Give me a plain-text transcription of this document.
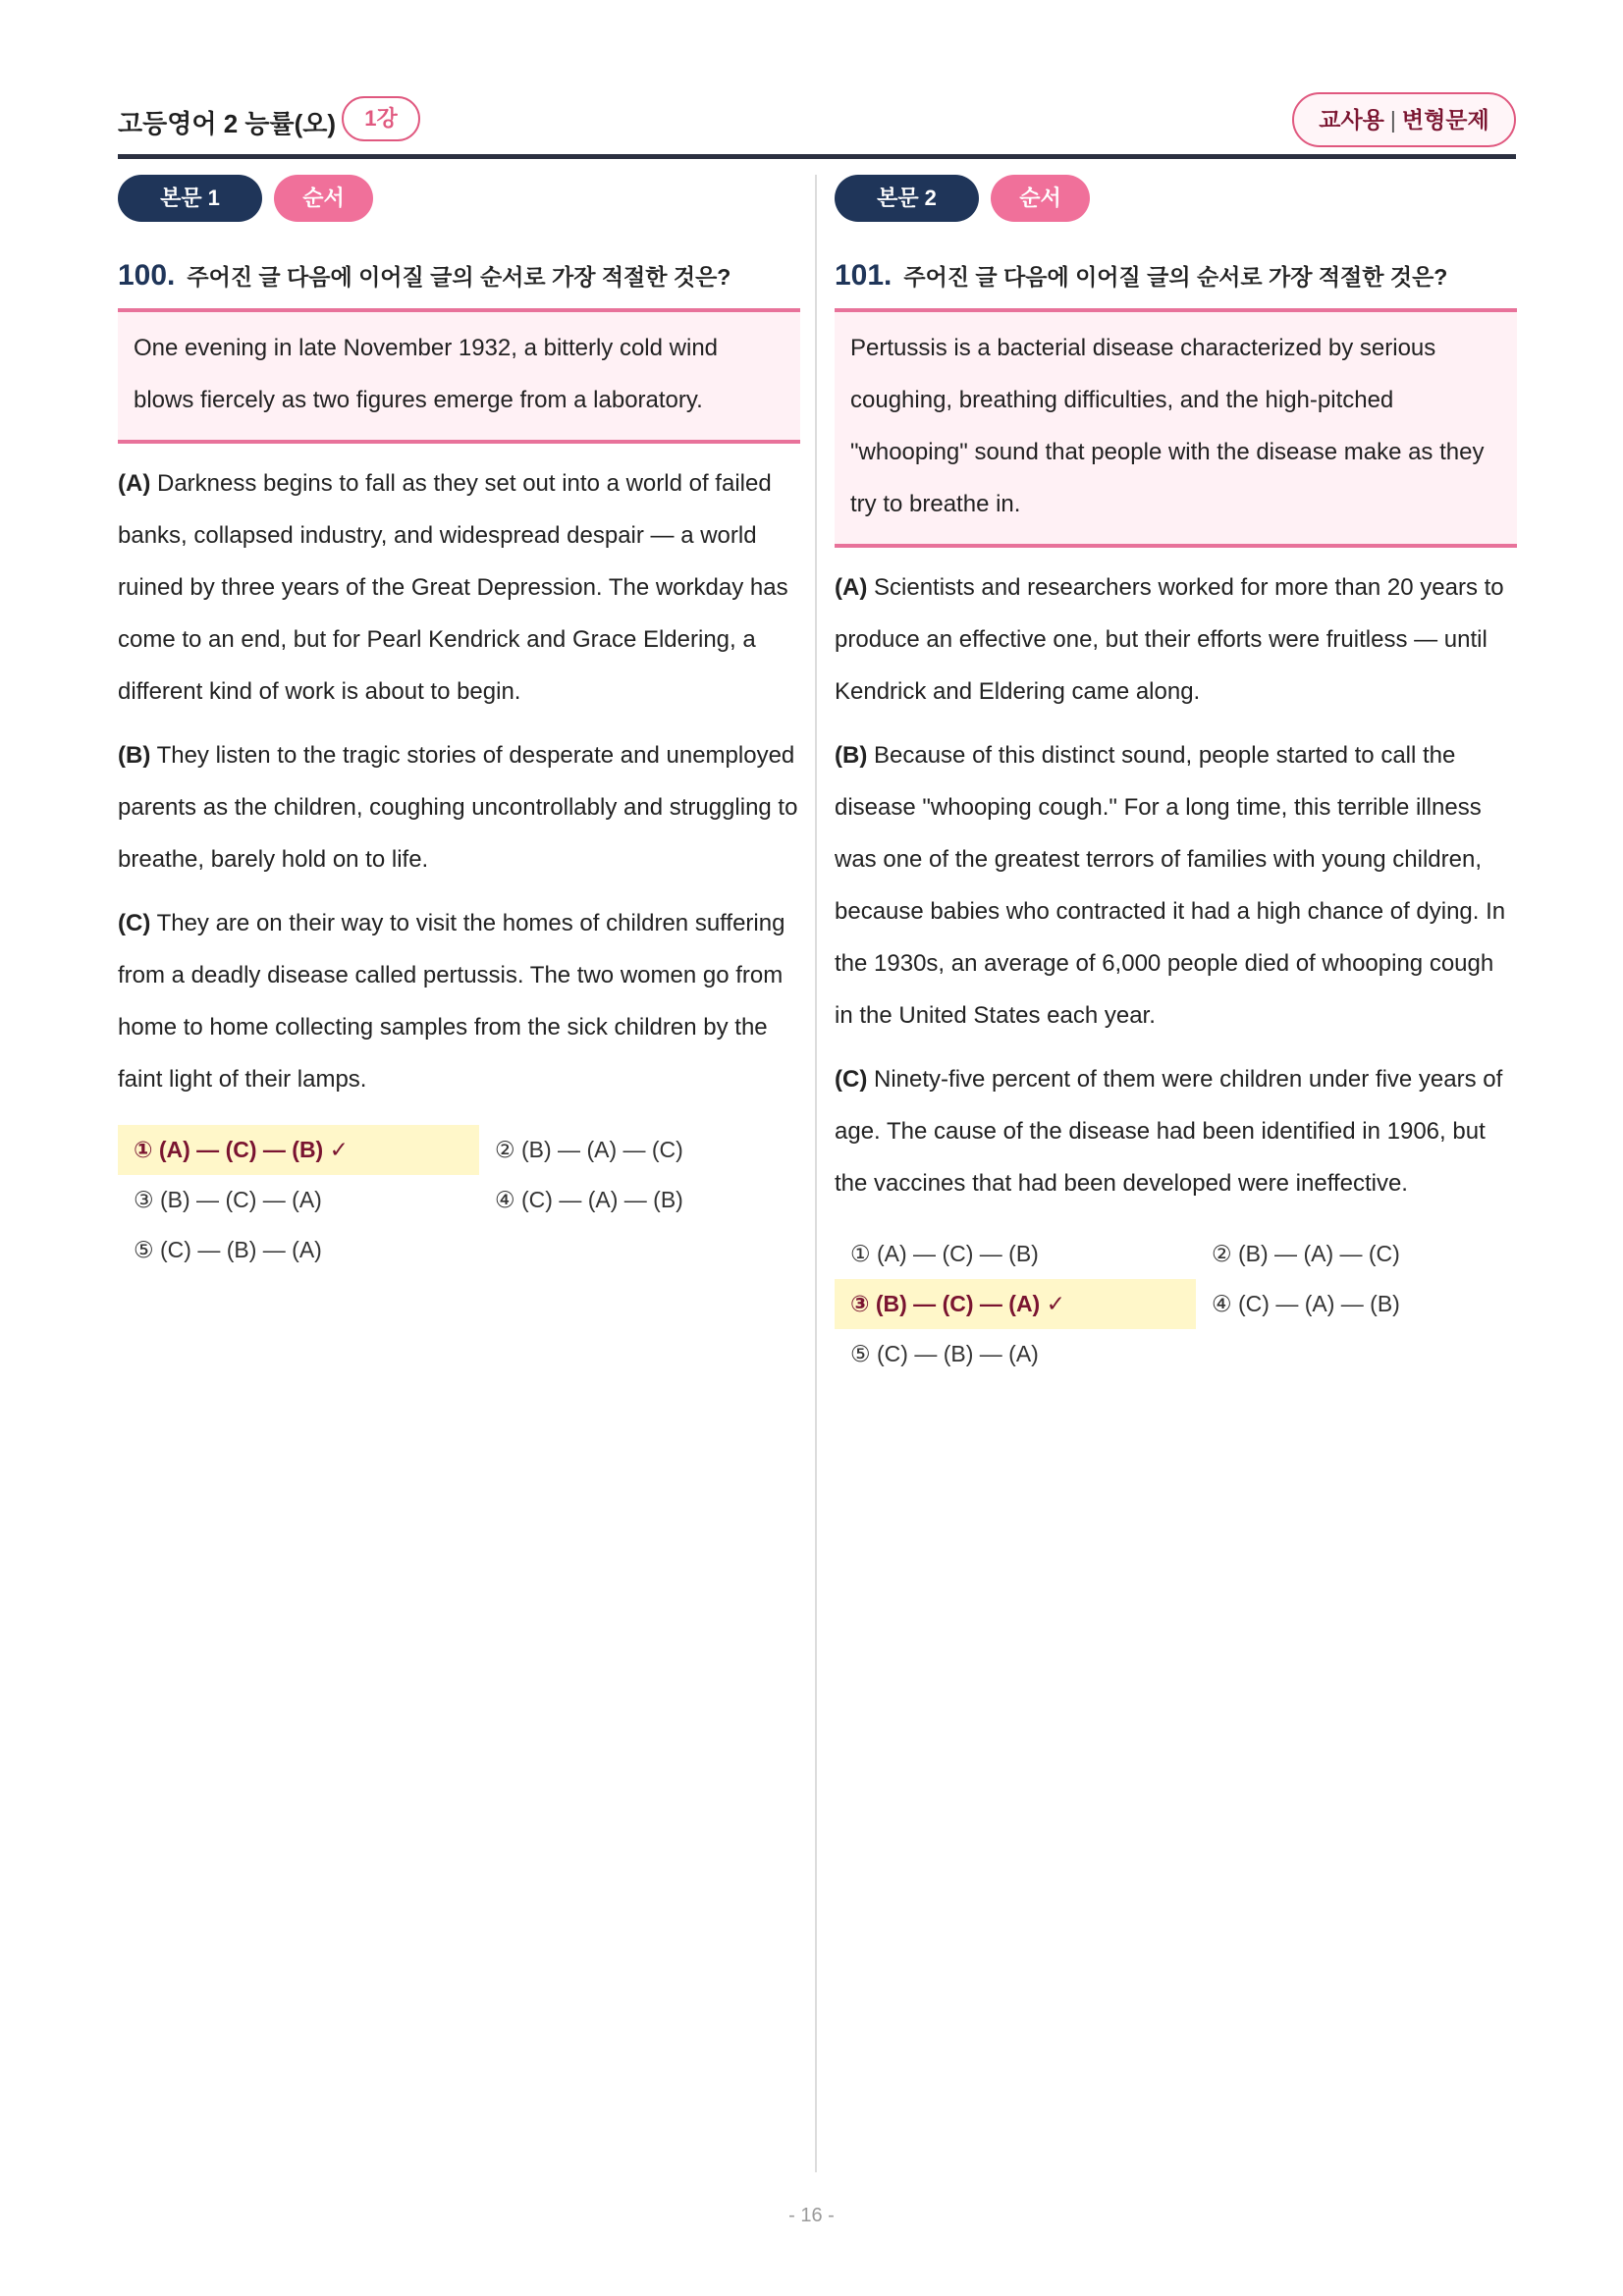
고등영어 2 능률(오)	1강	교사용 | 변형문제
본문 1	순서
100. 주어진 글 다음에 이어질 글의 순서로 가장 적절한 것은?
One evening in late November 1932, a bitterly cold wind blows fiercely as two figures emerge from a laboratory.
(A) Darkness begins to fall as they set out into a world of failed banks, collapsed industry, and widespread despair — a world ruined by three years of the Great Depression. The workday has come to an end, but for Pearl Kendrick and Grace Eldering, a different kind of work is about to begin.
(B) They listen to the tragic stories of desperate and unemployed parents as the children, coughing uncontrollably and struggling to breathe, barely hold on to life.
(C) They are on their way to visit the homes of children suffering from a deadly disease called pertussis. The two women go from home to home collecting samples from the sick children by the faint light of their lamps.
① (A) — (C) — (B) ✓	② (B) — (A) — (C)
③ (B) — (C) — (A)	④ (C) — (A) — (B)
⑤ (C) — (B) — (A)
본문 2	순서
101. 주어진 글 다음에 이어질 글의 순서로 가장 적절한 것은?
Pertussis is a bacterial disease characterized by serious coughing, breathing difficulties, and the high-pitched "whooping" sound that people with the disease make as they try to breathe in.
(A) Scientists and researchers worked for more than 20 years to produce an effective one, but their efforts were fruitless — until Kendrick and Eldering came along.
(B) Because of this distinct sound, people started to call the disease "whooping cough." For a long time, this terrible illness was one of the greatest terrors of families with young children, because babies who contracted it had a high chance of dying. In the 1930s, an average of 6,000 people died of whooping cough in the United States each year.
(C) Ninety-five percent of them were children under five years of age. The cause of the disease had been identified in 1906, but the vaccines that had been developed were ineffective.
① (A) — (C) — (B)	② (B) — (A) — (C)
③ (B) — (C) — (A) ✓	④ (C) — (A) — (B)
⑤ (C) — (B) — (A)
- 16 -
